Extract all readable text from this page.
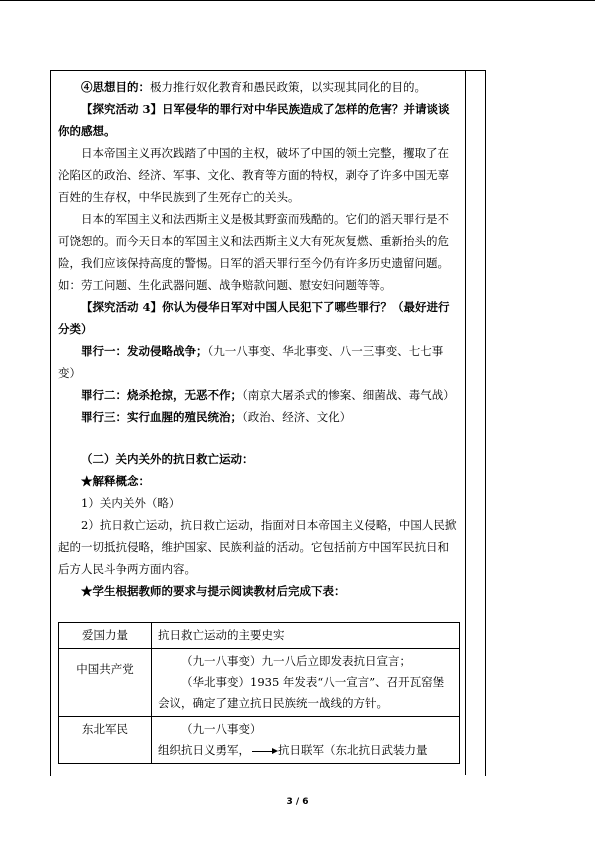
④思想目的：极力推行奴化教育和愚民政策，以实现其同化的目的。

【探究活动 3】日军侵华的罪行对中华民族造成了怎样的危害？并请谈谈你的感想。

日本帝国主义再次践踏了中国的主权，破坏了中国的领土完整，攫取了在沦陷区的政治、经济、军事、文化、教育等方面的特权，剥夺了许多中国无辜百姓的生存权，中华民族到了生死存亡的关头。

日本的军国主义和法西斯主义是极其野蛮而残酷的。它们的滔天罪行是不可饶恕的。而今天日本的军国主义和法西斯主义大有死灰复燃、重新抬头的危险，我们应该保持高度的警惕。日军的滔天罪行至今仍有许多历史遗留问题。如：劳工问题、生化武器问题、战争赔款问题、慰安妇问题等等。

【探究活动 4】你认为侵华日军对中国人民犯下了哪些罪行？（最好进行分类）

罪行一：发动侵略战争；（九一八事变、华北事变、八一三事变、七七事变）

罪行二：烧杀抢掠，无恶不作；（南京大屠杀式的惨案、细菌战、毒气战）

罪行三：实行血腥的殖民统治；（政治、经济、文化）

（二）关内关外的抗日救亡运动：

★解释概念：

1）关内关外（略）

2）抗日救亡运动，抗日救亡运动，指面对日本帝国主义侵略，中国人民掀起的一切抵抗侵略，维护国家、民族利益的活动。它包括前方中国军民抗日和后方人民斗争两方面内容。

★学生根据教师的要求与提示阅读教材后完成下表：

爱国力量	抗日救亡运动的主要史实
中国共产党	（九一八事变）九一八后立即发表抗日宣言；
（华北事变）1935 年发表“八一宣言”、召开瓦窑堡会议，确定了建立抗日民族统一战线的方针。

东北军民	（九一八事变）
组织抗日义勇军， 抗日联军（东北抗日武装力量
3 / 6
